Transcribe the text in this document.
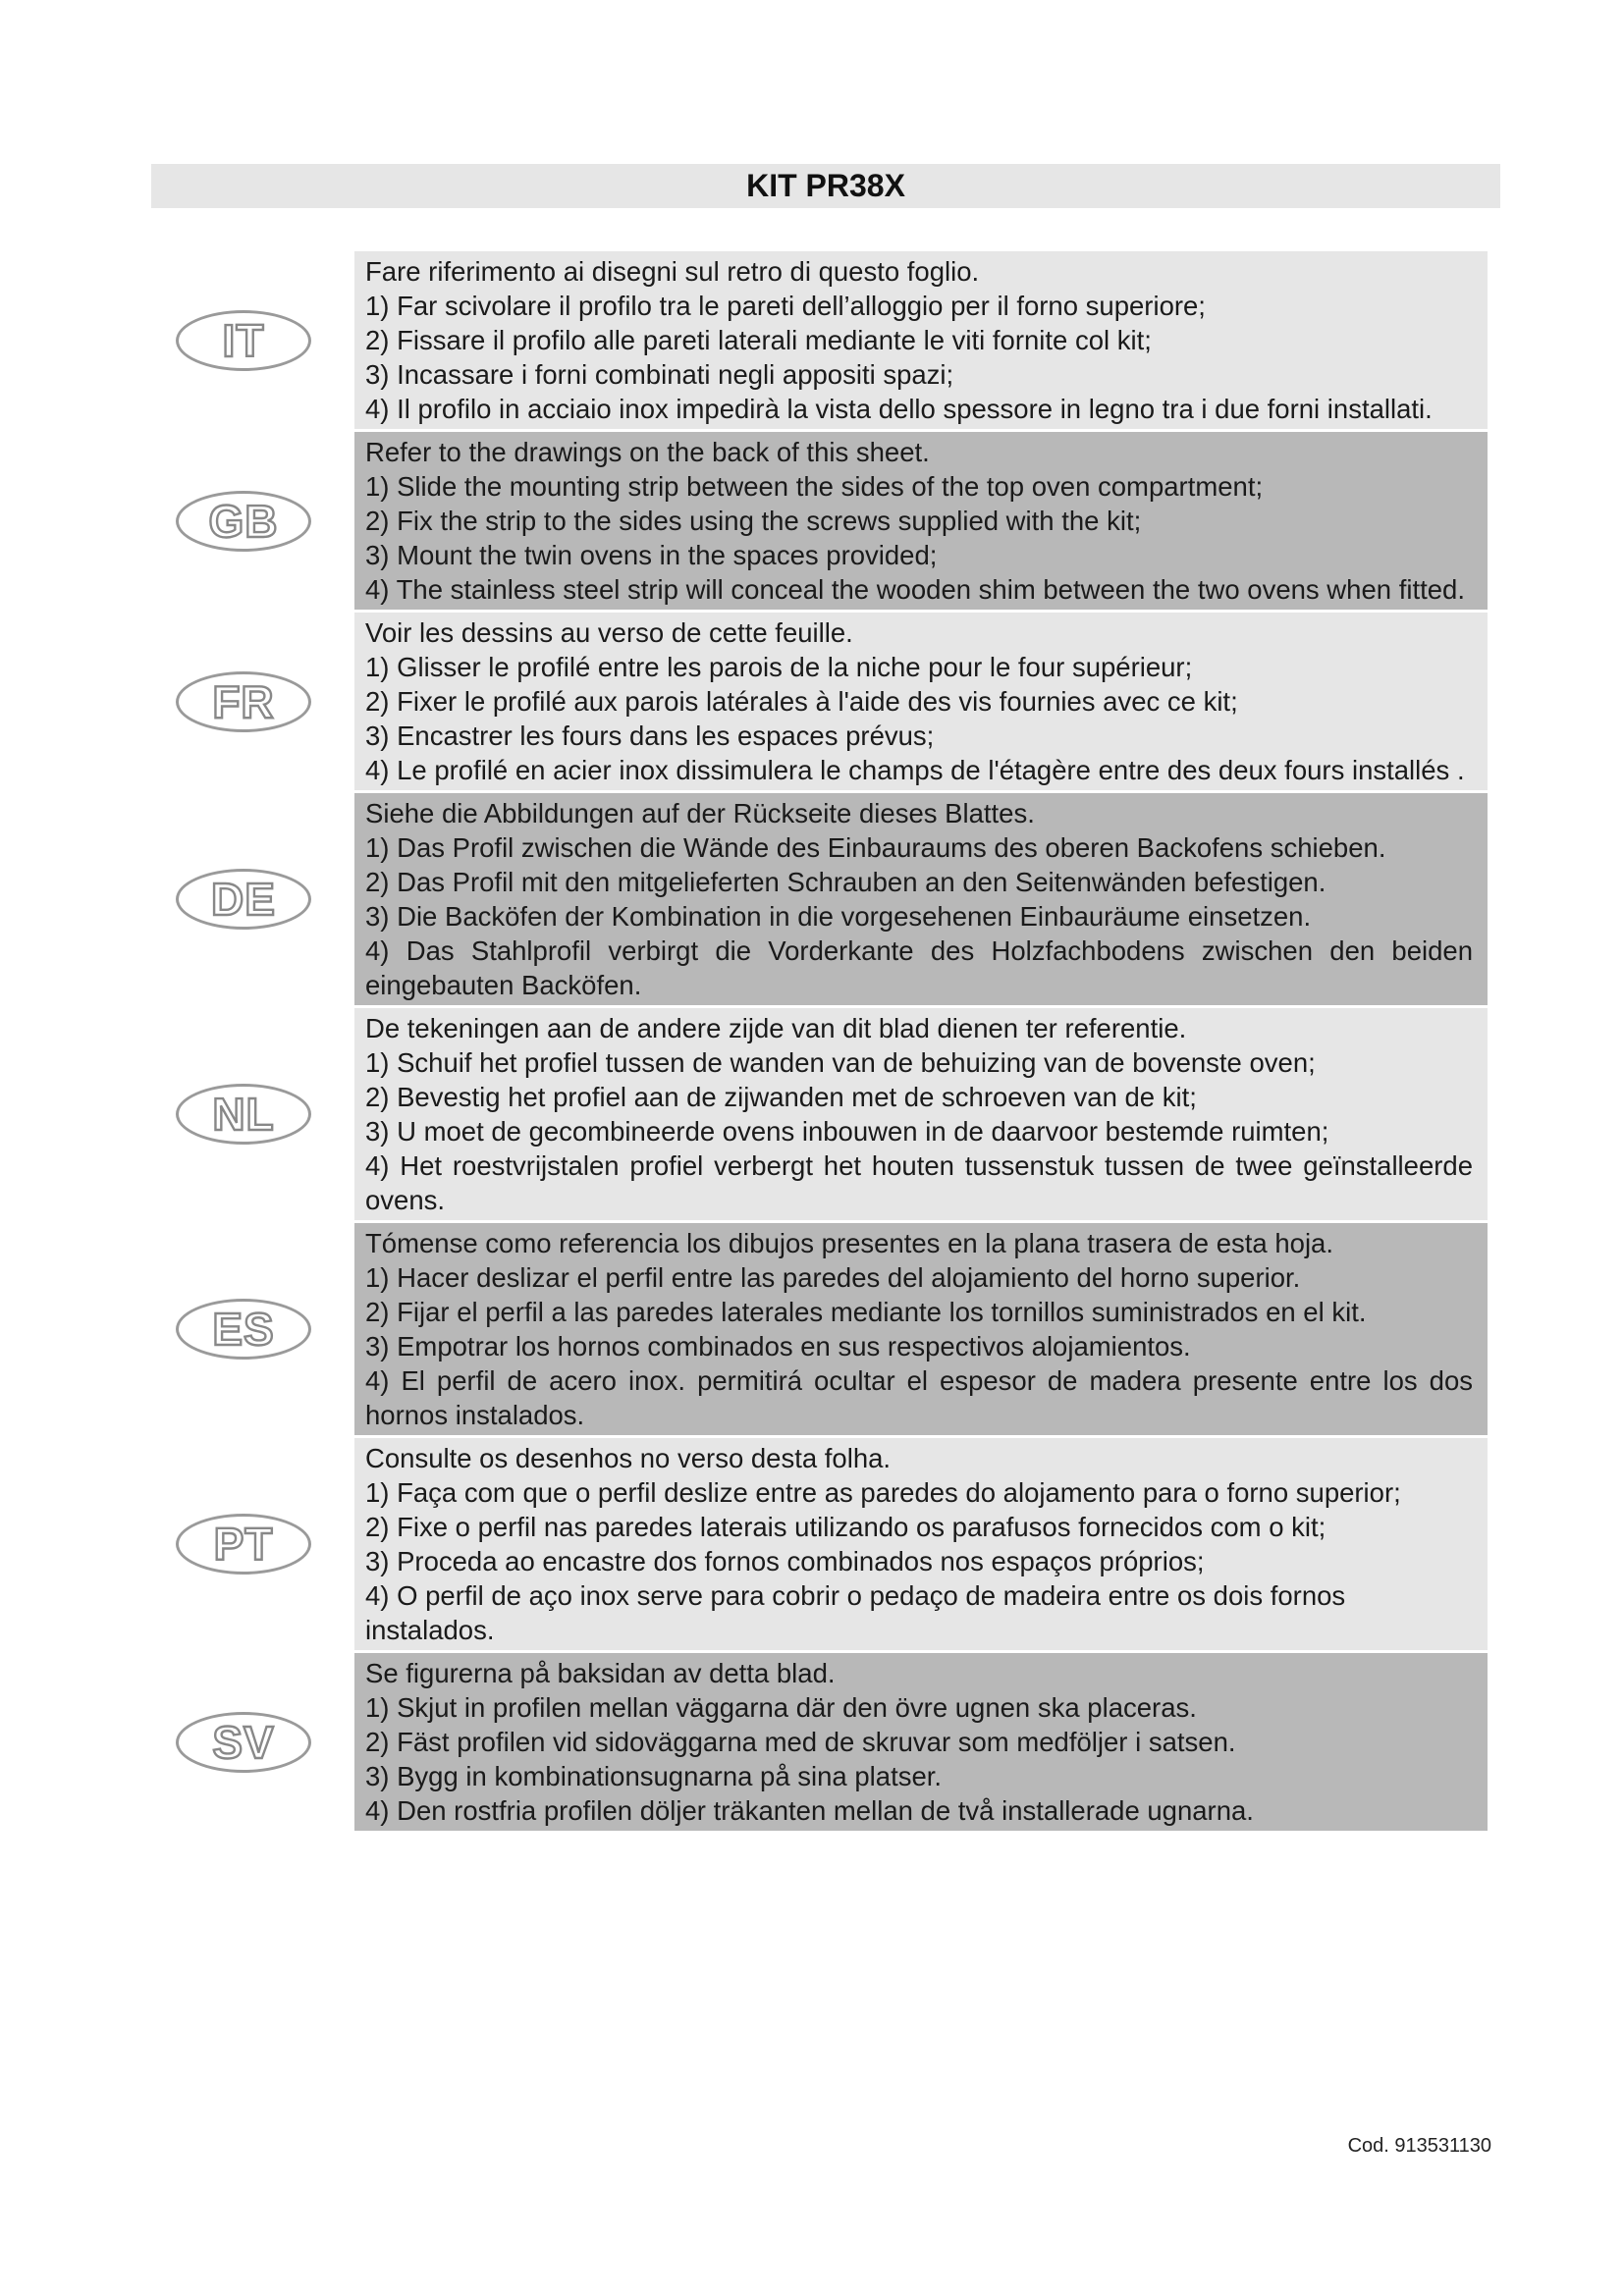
KIT PR38X
IT
Fare riferimento ai disegni sul retro di questo foglio.
1) Far scivolare il profilo tra le pareti dell’alloggio per il forno superiore;
2) Fissare il profilo alle pareti laterali mediante le viti fornite col kit;
3) Incassare i forni combinati negli appositi spazi;
4) Il profilo in acciaio inox impedirà la vista dello spessore in legno tra i due forni installati.
GB
Refer to the drawings on the back of this sheet.
1) Slide the mounting strip between the sides of the top oven compartment;
2) Fix the strip to the sides using the screws supplied with the kit;
3) Mount the twin ovens in the spaces provided;
4) The stainless steel strip will conceal the wooden shim between the two ovens when fitted.
FR
Voir les dessins au verso de cette feuille.
1) Glisser le profilé entre les parois de la niche pour le four supérieur;
2) Fixer le profilé aux parois latérales à l'aide des vis fournies avec ce kit;
3) Encastrer les fours dans les espaces prévus;
4) Le profilé en acier inox dissimulera le champs de l'étagère entre des deux fours installés .
DE
Siehe die Abbildungen auf der Rückseite dieses Blattes.
1) Das Profil zwischen die Wände des Einbauraums des oberen Backofens schieben.
2) Das Profil mit den mitgelieferten Schrauben an den Seitenwänden befestigen.
3) Die Backöfen der Kombination in die vorgesehenen Einbauräume einsetzen.
4) Das Stahlprofil verbirgt die Vorderkante des Holzfachbodens zwischen den beiden eingebauten Backöfen.
NL
De tekeningen aan de andere zijde van dit blad dienen ter referentie.
1) Schuif het profiel tussen de wanden van de behuizing van de bovenste oven;
2) Bevestig het profiel aan de zijwanden met de schroeven van de kit;
3) U moet de gecombineerde ovens inbouwen in de daarvoor bestemde ruimten;
4) Het roestvrijstalen profiel verbergt het houten tussenstuk tussen de twee geïnstalleerde ovens.
ES
Tómense como referencia los dibujos presentes en la plana trasera de esta hoja.
1) Hacer deslizar el perfil entre las paredes del alojamiento del horno superior.
2) Fijar el perfil a las paredes laterales mediante los tornillos suministrados en el kit.
3) Empotrar los hornos combinados en sus respectivos alojamientos.
4) El perfil de acero inox. permitirá ocultar el espesor de madera presente entre los dos hornos instalados.
PT
Consulte os desenhos no verso desta folha.
1) Faça com que o perfil deslize entre as paredes do alojamento para o forno superior;
2) Fixe o perfil nas paredes laterais utilizando os parafusos fornecidos com o kit;
3) Proceda ao encastre dos fornos combinados nos espaços próprios;
4) O perfil de aço inox serve para cobrir o pedaço de madeira entre os dois fornos instalados.
SV
Se figurerna på baksidan av detta blad.
1) Skjut in profilen mellan väggarna där den övre ugnen ska placeras.
2) Fäst profilen vid sidoväggarna med de skruvar som medföljer i satsen.
3) Bygg in kombinationsugnarna på sina platser.
4) Den rostfria profilen döljer träkanten mellan de två installerade ugnarna.
Cod. 913531130
